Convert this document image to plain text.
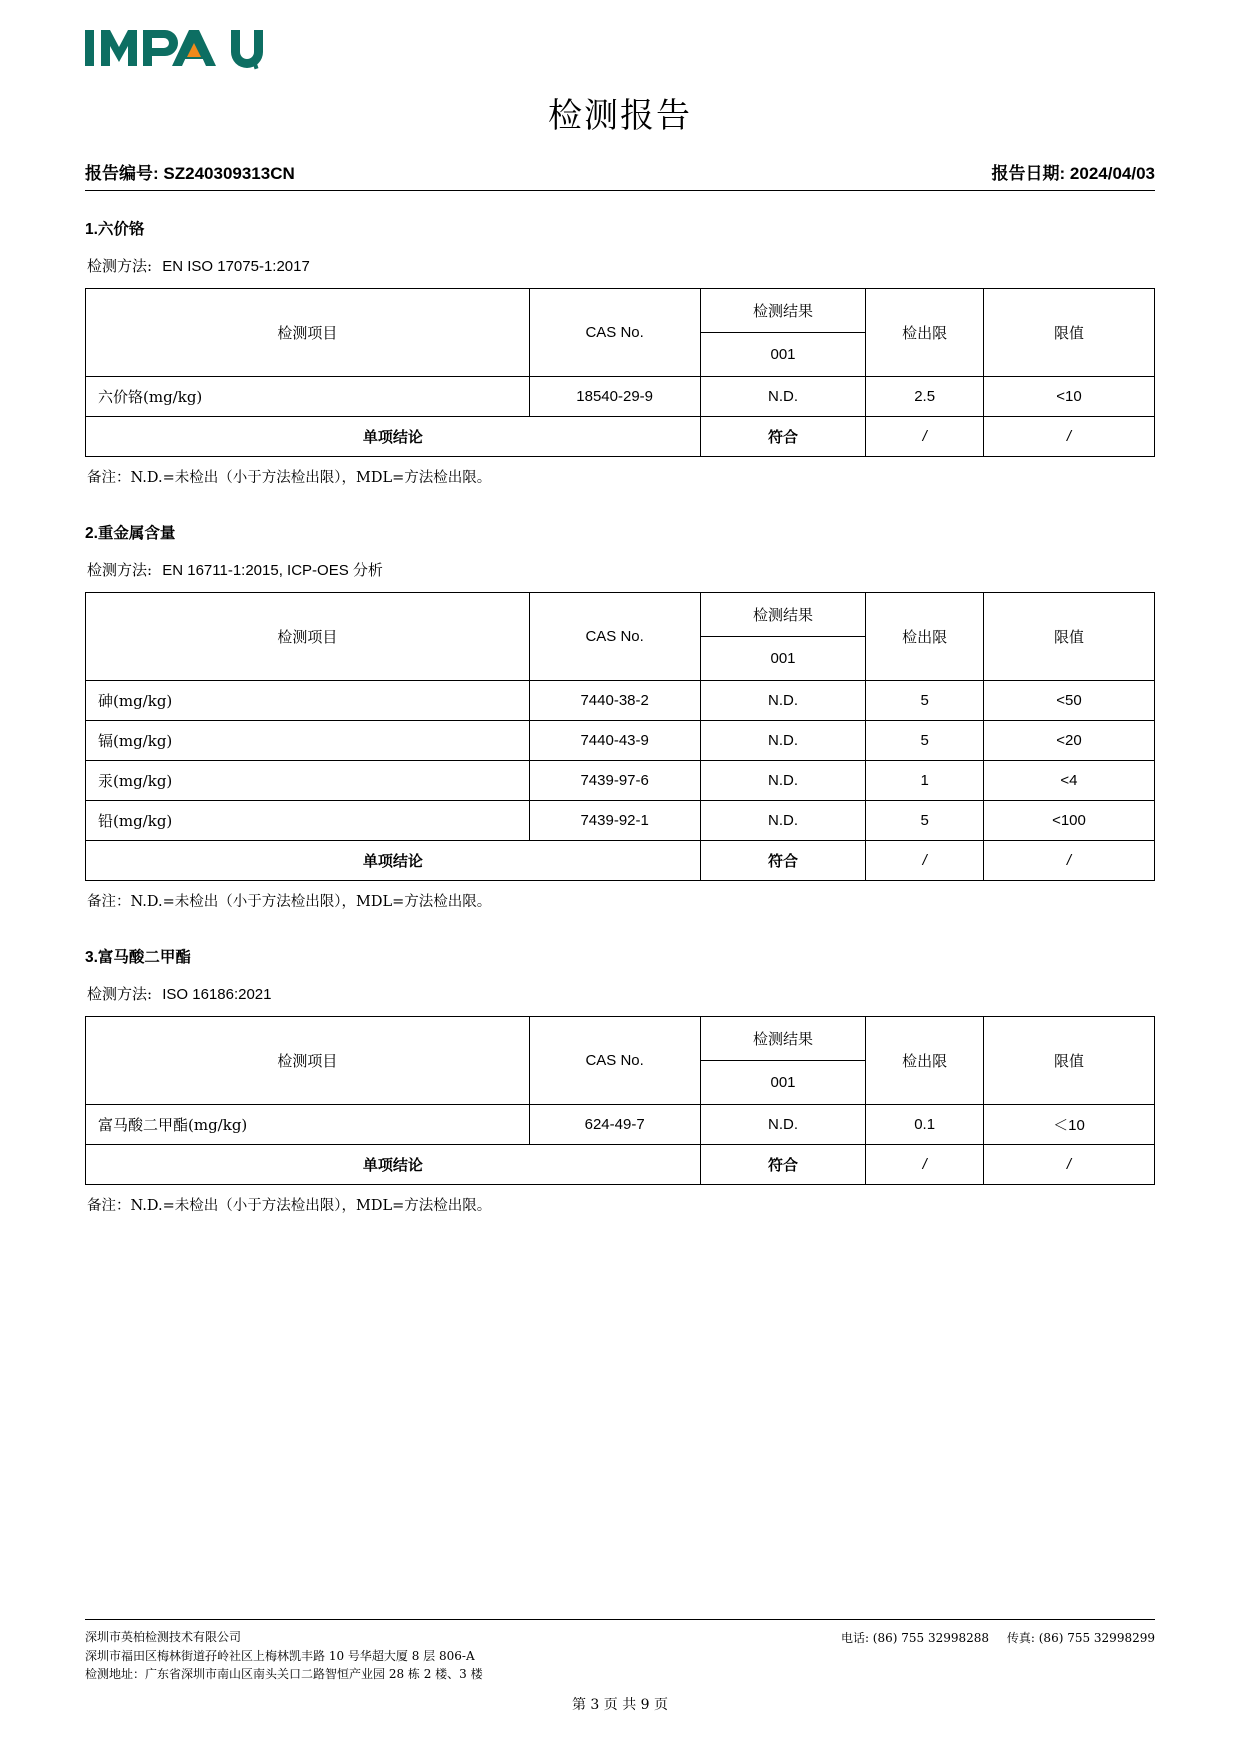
检测报告
报告编号: SZ240309313CN	报告日期: 2024/04/03
1.六价铬
检测方法: EN ISO 17075-1:2017
检测项目	CAS No.	检测结果	检出限	限值
		001		
六价铬(mg/kg)	18540-29-9	N.D.	2.5	<10
单项结论		符合	/	/
备注：N.D.=未检出（小于方法检出限），MDL=方法检出限。
2.重金属含量
检测方法: EN 16711-1:2015, ICP-OES 分析
检测项目	CAS No.	检测结果	检出限	限值
		001		
砷(mg/kg)	7440-38-2	N.D.	5	<50
镉(mg/kg)	7440-43-9	N.D.	5	<20
汞(mg/kg)	7439-97-6	N.D.	1	<4
铅(mg/kg)	7439-92-1	N.D.	5	<100
单项结论		符合	/	/
备注：N.D.=未检出（小于方法检出限），MDL=方法检出限。
3.富马酸二甲酯
检测方法: ISO 16186:2021
检测项目	CAS No.	检测结果	检出限	限值
		001		
富马酸二甲酯(mg/kg)	624-49-7	N.D.	0.1	＜10
单项结论		符合	/	/
备注：N.D.=未检出（小于方法检出限），MDL=方法检出限。
深圳市英柏检测技术有限公司
深圳市福田区梅林街道孖岭社区上梅林凯丰路 10 号华超大厦 8 层 806-A
检测地址：广东省深圳市南山区南头关口二路智恒产业园 28 栋 2 楼、3 楼
电话: (86) 755 32998288 传真: (86) 755 32998299
第 3 页 共 9 页
